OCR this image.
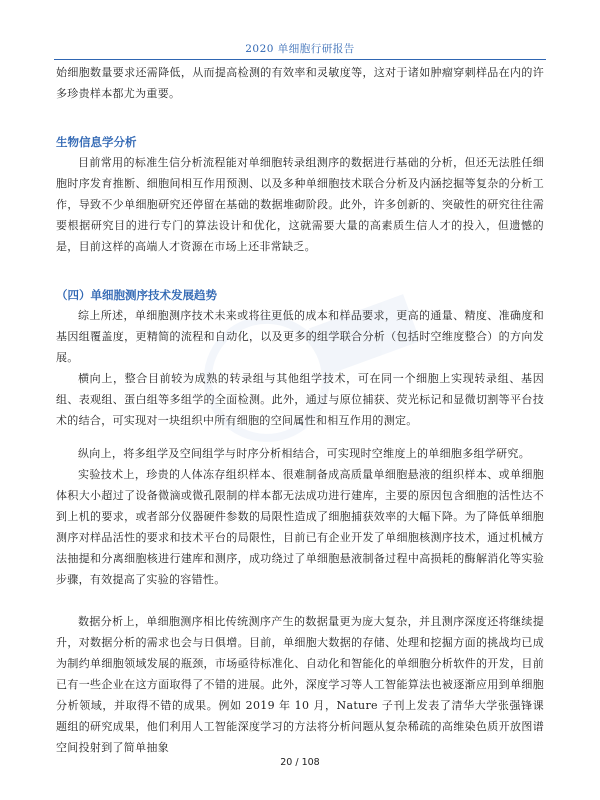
2020 单细胞行研报告

始细胞数量要求还需降低，从而提高检测的有效率和灵敏度等，这对于诸如肿瘤穿刺样品在内的许多珍贵样本都尤为重要。

生物信息学分析

目前常用的标准生信分析流程能对单细胞转录组测序的数据进行基础的分析，但还无法胜任细胞时序发育推断、细胞间相互作用预测、以及多种单细胞技术联合分析及内涵挖掘等复杂的分析工作，导致不少单细胞研究还停留在基础的数据堆砌阶段。此外，许多创新的、突破性的研究往往需要根据研究目的进行专门的算法设计和优化，这就需要大量的高素质生信人才的投入，但遗憾的是，目前这样的高端人才资源在市场上还非常缺乏。

（四）单细胞测序技术发展趋势

综上所述，单细胞测序技术未来或将往更低的成本和样品要求，更高的通量、精度、准确度和基因组覆盖度，更精简的流程和自动化，以及更多的组学联合分析（包括时空维度整合）的方向发展。

横向上，整合目前较为成熟的转录组与其他组学技术，可在同一个细胞上实现转录组、基因组、表观组、蛋白组等多组学的全面检测。此外，通过与原位捕获、荧光标记和显微切割等平台技术的结合，可实现对一块组织中所有细胞的空间属性和相互作用的测定。

纵向上，将多组学及空间组学与时序分析相结合，可实现时空维度上的单细胞多组学研究。

实验技术上，珍贵的人体冻存组织样本、很难制备成高质量单细胞悬液的组织样本、或单细胞体积大小超过了设备微滴或微孔限制的样本都无法成功进行建库，主要的原因包含细胞的活性达不到上机的要求，或者部分仪器硬件参数的局限性造成了细胞捕获效率的大幅下降。为了降低单细胞测序对样品活性的要求和技术平台的局限性，目前已有企业开发了单细胞核测序技术，通过机械方法抽提和分离细胞核进行建库和测序，成功绕过了单细胞悬液制备过程中高损耗的酶解消化等实验步骤，有效提高了实验的容错性。

数据分析上，单细胞测序相比传统测序产生的数据量更为庞大复杂，并且测序深度还将继续提升，对数据分析的需求也会与日俱增。目前，单细胞大数据的存储、处理和挖掘方面的挑战均已成为制约单细胞领域发展的瓶颈，市场亟待标准化、自动化和智能化的单细胞分析软件的开发，目前已有一些企业在这方面取得了不错的进展。此外，深度学习等人工智能算法也被逐渐应用到单细胞分析领域，并取得不错的成果。例如 2019 年 10 月，Nature 子刊上发表了清华大学张强锋课题组的研究成果，他们利用人工智能深度学习的方法将分析问题从复杂稀疏的高维染色质开放图谱空间投射到了简单抽象

20 / 108
